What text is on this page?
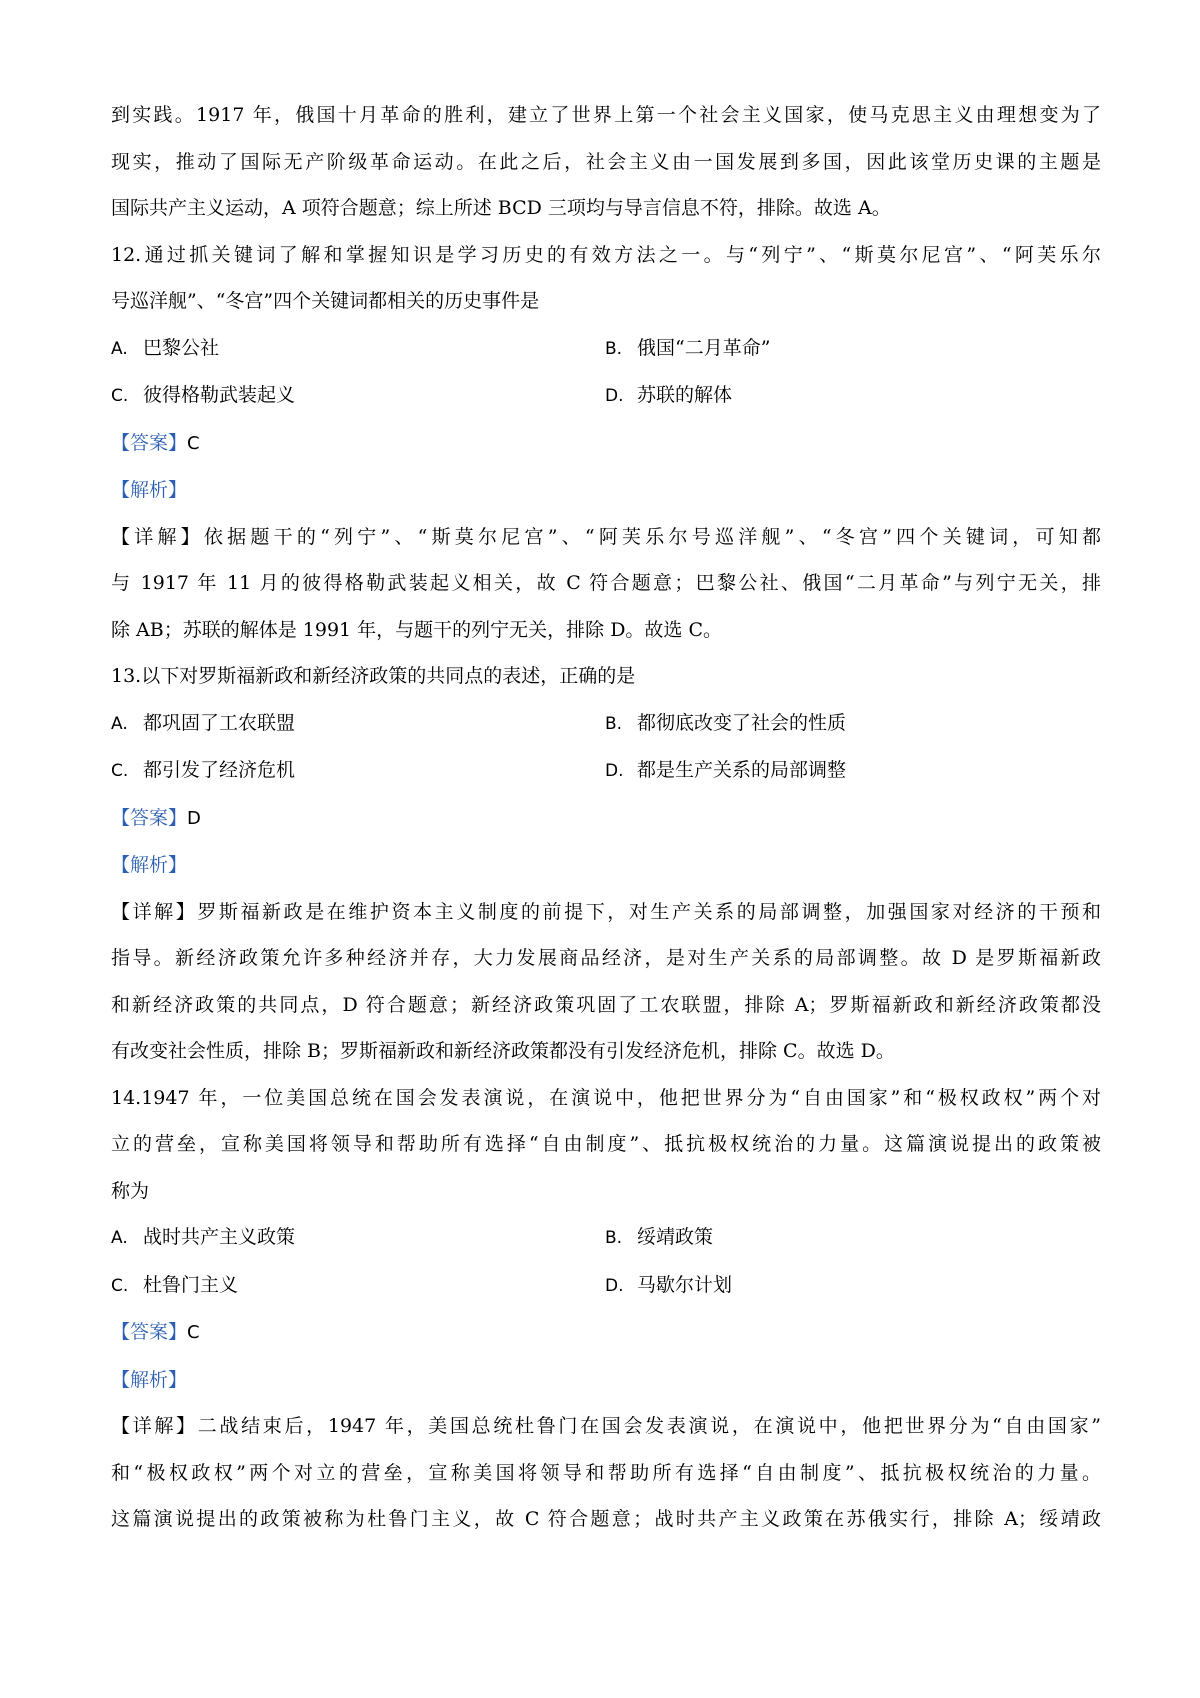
到实践。1917 年，俄国十月革命的胜利，建立了世界上第一个社会主义国家，使马克思主义由理想变为了

现实，推动了国际无产阶级革命运动。在此之后，社会主义由一国发展到多国，因此该堂历史课的主题是

国际共产主义运动，A 项符合题意；综上所述 BCD 三项均与导言信息不符，排除。故选 A。

12.通过抓关键词了解和掌握知识是学习历史的有效方法之一。与“列宁”、“斯莫尔尼宫”、“阿芙乐尔

号巡洋舰”、“冬宫”四个关键词都相关的历史事件是

A. 巴黎公社	B. 俄国“二月革命”
C. 彼得格勒武装起义	D. 苏联的解体

【答案】C

【解析】

【详解】依据题干的“列宁”、“斯莫尔尼宫”、“阿芙乐尔号巡洋舰”、“冬宫”四个关键词，可知都

与 1917 年 11 月的彼得格勒武装起义相关，故 C 符合题意；巴黎公社、俄国“二月革命”与列宁无关，排

除 AB；苏联的解体是 1991 年，与题干的列宁无关，排除 D。故选 C。

13.以下对罗斯福新政和新经济政策的共同点的表述，正确的是

A. 都巩固了工农联盟	B. 都彻底改变了社会的性质
C. 都引发了经济危机	D. 都是生产关系的局部调整

【答案】D

【解析】

【详解】罗斯福新政是在维护资本主义制度的前提下，对生产关系的局部调整，加强国家对经济的干预和

指导。新经济政策允许多种经济并存，大力发展商品经济，是对生产关系的局部调整。故 D 是罗斯福新政

和新经济政策的共同点，D 符合题意；新经济政策巩固了工农联盟，排除 A；罗斯福新政和新经济政策都没

有改变社会性质，排除 B；罗斯福新政和新经济政策都没有引发经济危机，排除 C。故选 D。

14.1947 年，一位美国总统在国会发表演说，在演说中，他把世界分为“自由国家”和“极权政权”两个对

立的营垒，宣称美国将领导和帮助所有选择“自由制度”、抵抗极权统治的力量。这篇演说提出的政策被

称为

A. 战时共产主义政策	B. 绥靖政策
C. 杜鲁门主义	D. 马歇尔计划

【答案】C

【解析】

【详解】二战结束后，1947 年，美国总统杜鲁门在国会发表演说，在演说中，他把世界分为“自由国家”

和“极权政权”两个对立的营垒，宣称美国将领导和帮助所有选择“自由制度”、抵抗极权统治的力量。

这篇演说提出的政策被称为杜鲁门主义，故 C 符合题意；战时共产主义政策在苏俄实行，排除 A；绥靖政
